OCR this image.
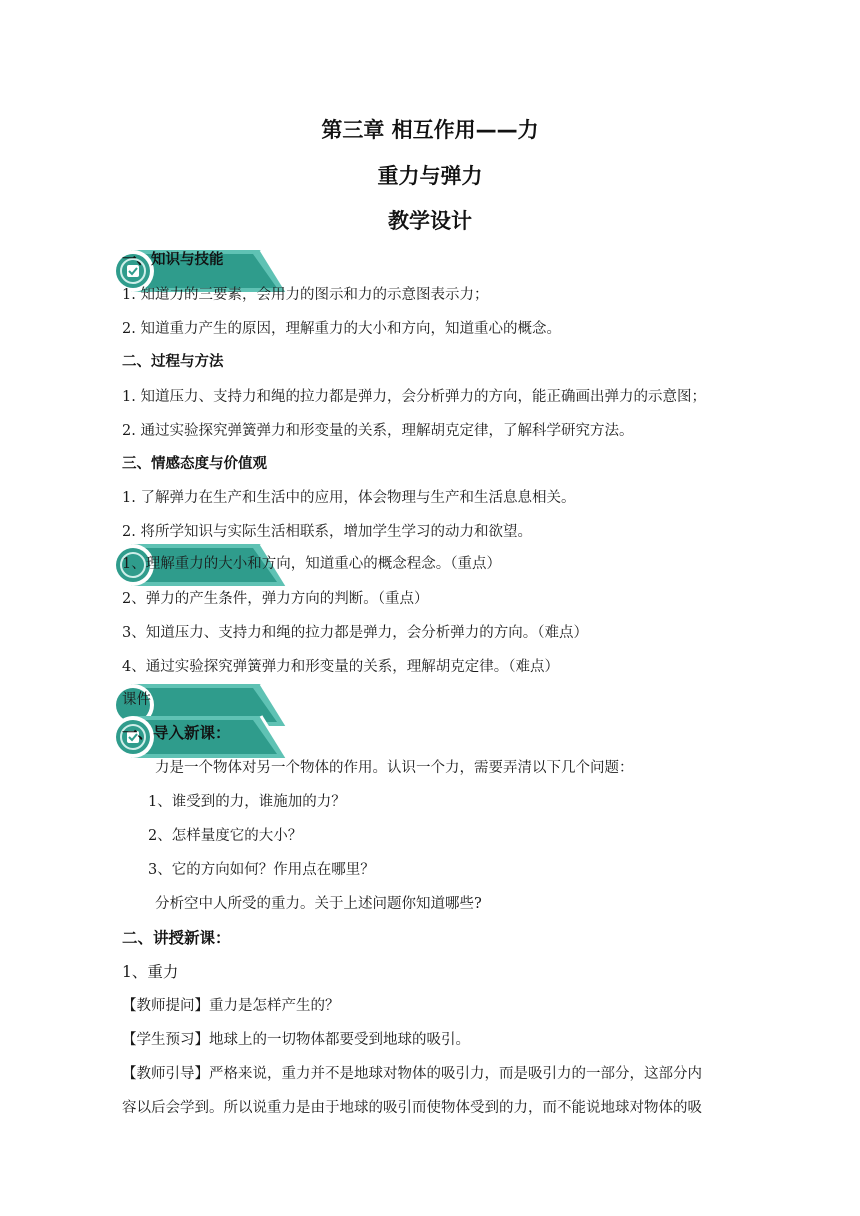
第三章 相互作用——力
重力与弹力
教学设计
一、知识与技能
1. 知道力的三要素，会用力的图示和力的示意图表示力；
2. 知道重力产生的原因，理解重力的大小和方向，知道重心的概念。
二、过程与方法
1. 知道压力、支持力和绳的拉力都是弹力，会分析弹力的方向，能正确画出弹力的示意图；
2. 通过实验探究弹簧弹力和形变量的关系，理解胡克定律，了解科学研究方法。
三、情感态度与价值观
1. 了解弹力在生产和生活中的应用，体会物理与生产和生活息息相关。
2. 将所学知识与实际生活相联系，增加学生学习的动力和欲望。
1、理解重力的大小和方向，知道重心的概念程念。（重点）
2、弹力的产生条件，弹力方向的判断。（重点）
3、知道压力、支持力和绳的拉力都是弹力，会分析弹力的方向。（难点）
4、通过实验探究弹簧弹力和形变量的关系，理解胡克定律。（难点）
课件
一、导入新课：
力是一个物体对另一个物体的作用。认识一个力，需要弄清以下几个问题：
1、谁受到的力，谁施加的力？
2、怎样量度它的大小？
3、它的方向如何？作用点在哪里？
分析空中人所受的重力。关于上述问题你知道哪些?
二、讲授新课：
1、重力
【教师提问】重力是怎样产生的？
【学生预习】地球上的一切物体都要受到地球的吸引。
【教师引导】严格来说，重力并不是地球对物体的吸引力，而是吸引力的一部分，这部分内
容以后会学到。所以说重力是由于地球的吸引而使物体受到的力，而不能说地球对物体的吸
